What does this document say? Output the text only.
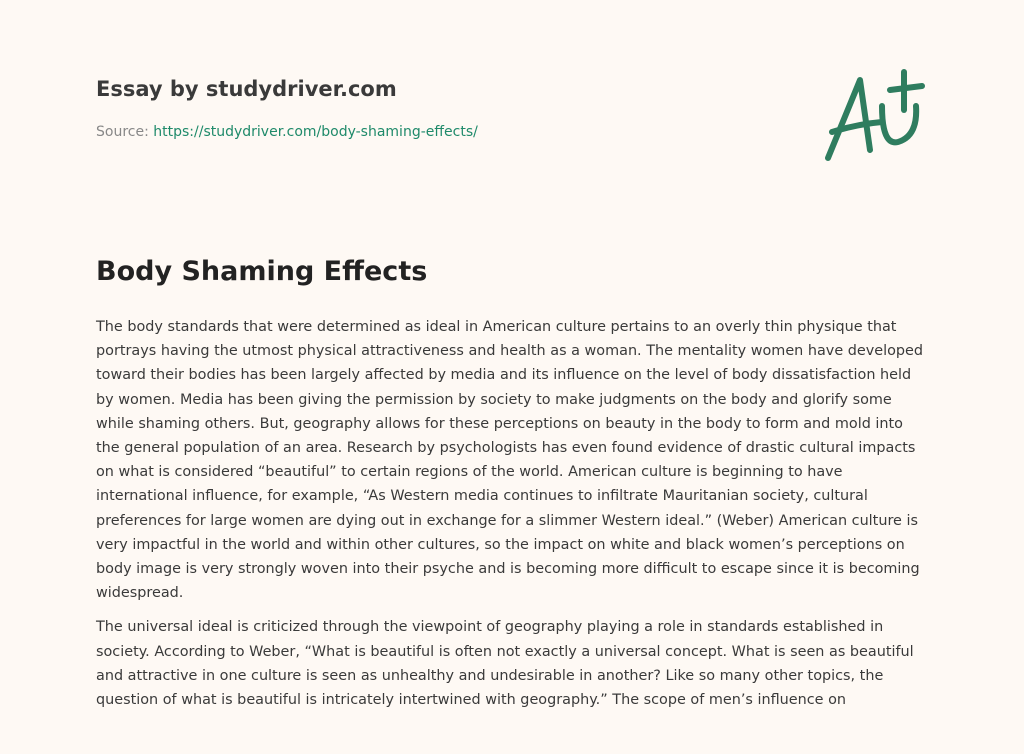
Essay by studydriver.com
Source: https://studydriver.com/body-shaming-effects/
Body Shaming Effects

The body standards that were determined as ideal in American culture pertains to an overly thin physique that portrays having the utmost physical attractiveness and health as a woman. The mentality women have developed toward their bodies has been largely affected by media and its influence on the level of body dissatisfaction held by women. Media has been giving the permission by society to make judgments on the body and glorify some while shaming others. But, geography allows for these perceptions on beauty in the body to form and mold into the general population of an area. Research by psychologists has even found evidence of drastic cultural impacts on what is considered “beautiful” to certain regions of the world. American culture is beginning to have international influence, for example, “As Western media continues to infiltrate Mauritanian society, cultural preferences for large women are dying out in exchange for a slimmer Western ideal.” (Weber) American culture is very impactful in the world and within other cultures, so the impact on white and black women’s perceptions on body image is very strongly woven into their psyche and is becoming more difficult to escape since it is becoming widespread.

The universal ideal is criticized through the viewpoint of geography playing a role in standards established in society. According to Weber, “What is beautiful is often not exactly a universal concept. What is seen as beautiful and attractive in one culture is seen as unhealthy and undesirable in another? Like so many other topics, the question of what is beautiful is intricately intertwined with geography.” The scope of men’s influence on
